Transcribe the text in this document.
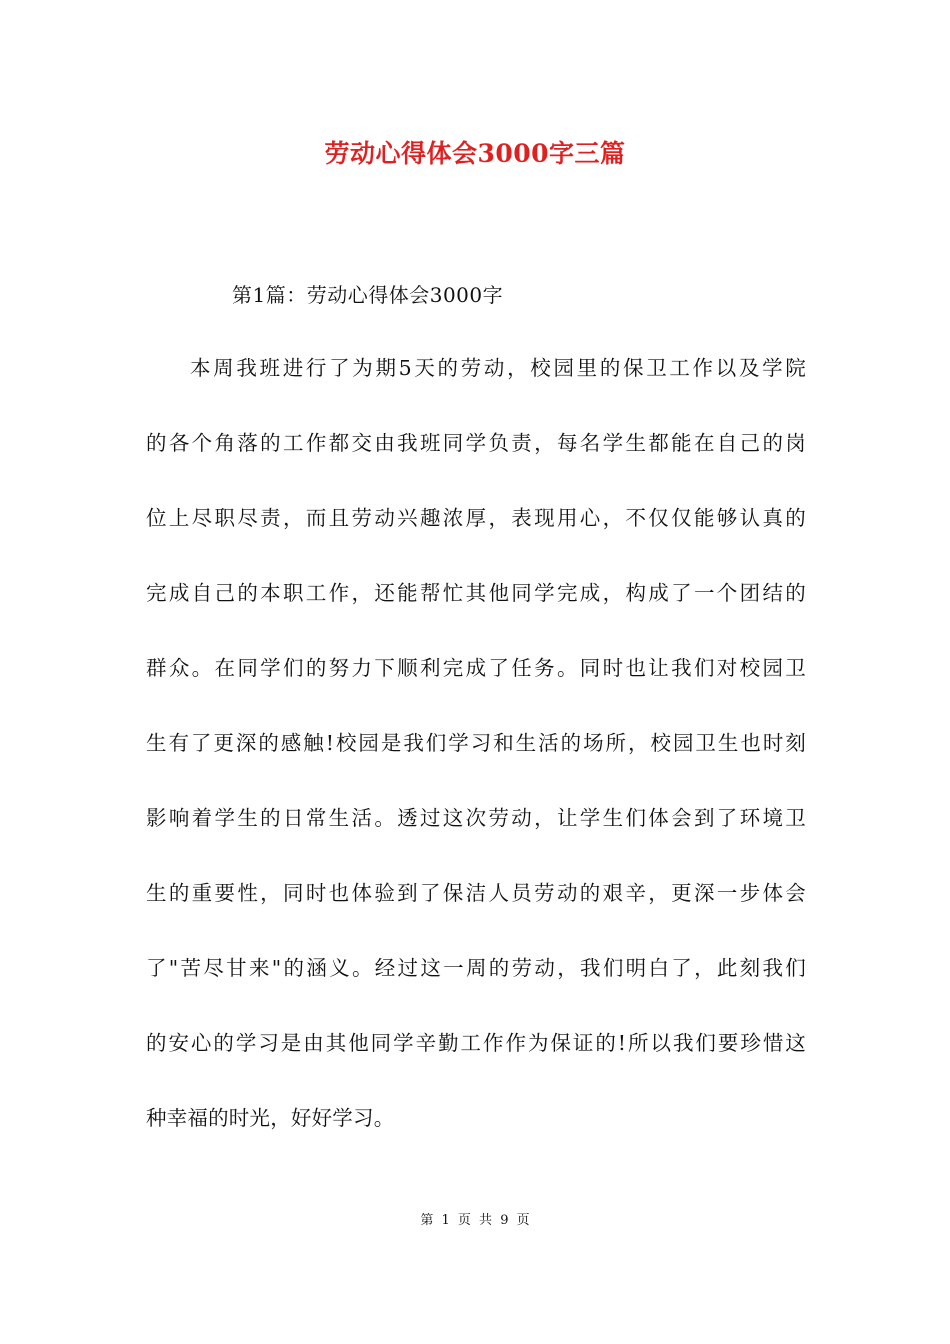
劳动心得体会3000字三篇
第1篇：劳动心得体会3000字
本周我班进行了为期5天的劳动，校园里的保卫工作以及学院
的各个角落的工作都交由我班同学负责，每名学生都能在自己的岗
位上尽职尽责，而且劳动兴趣浓厚，表现用心，不仅仅能够认真的
完成自己的本职工作，还能帮忙其他同学完成，构成了一个团结的
群众。在同学们的努力下顺利完成了任务。同时也让我们对校园卫
生有了更深的感触!校园是我们学习和生活的场所，校园卫生也时刻
影响着学生的日常生活。透过这次劳动，让学生们体会到了环境卫
生的重要性，同时也体验到了保洁人员劳动的艰辛，更深一步体会
了"苦尽甘来"的涵义。经过这一周的劳动，我们明白了，此刻我们
的安心的学习是由其他同学辛勤工作作为保证的!所以我们要珍惜这
种幸福的时光，好好学习。
第 1 页 共 9 页
